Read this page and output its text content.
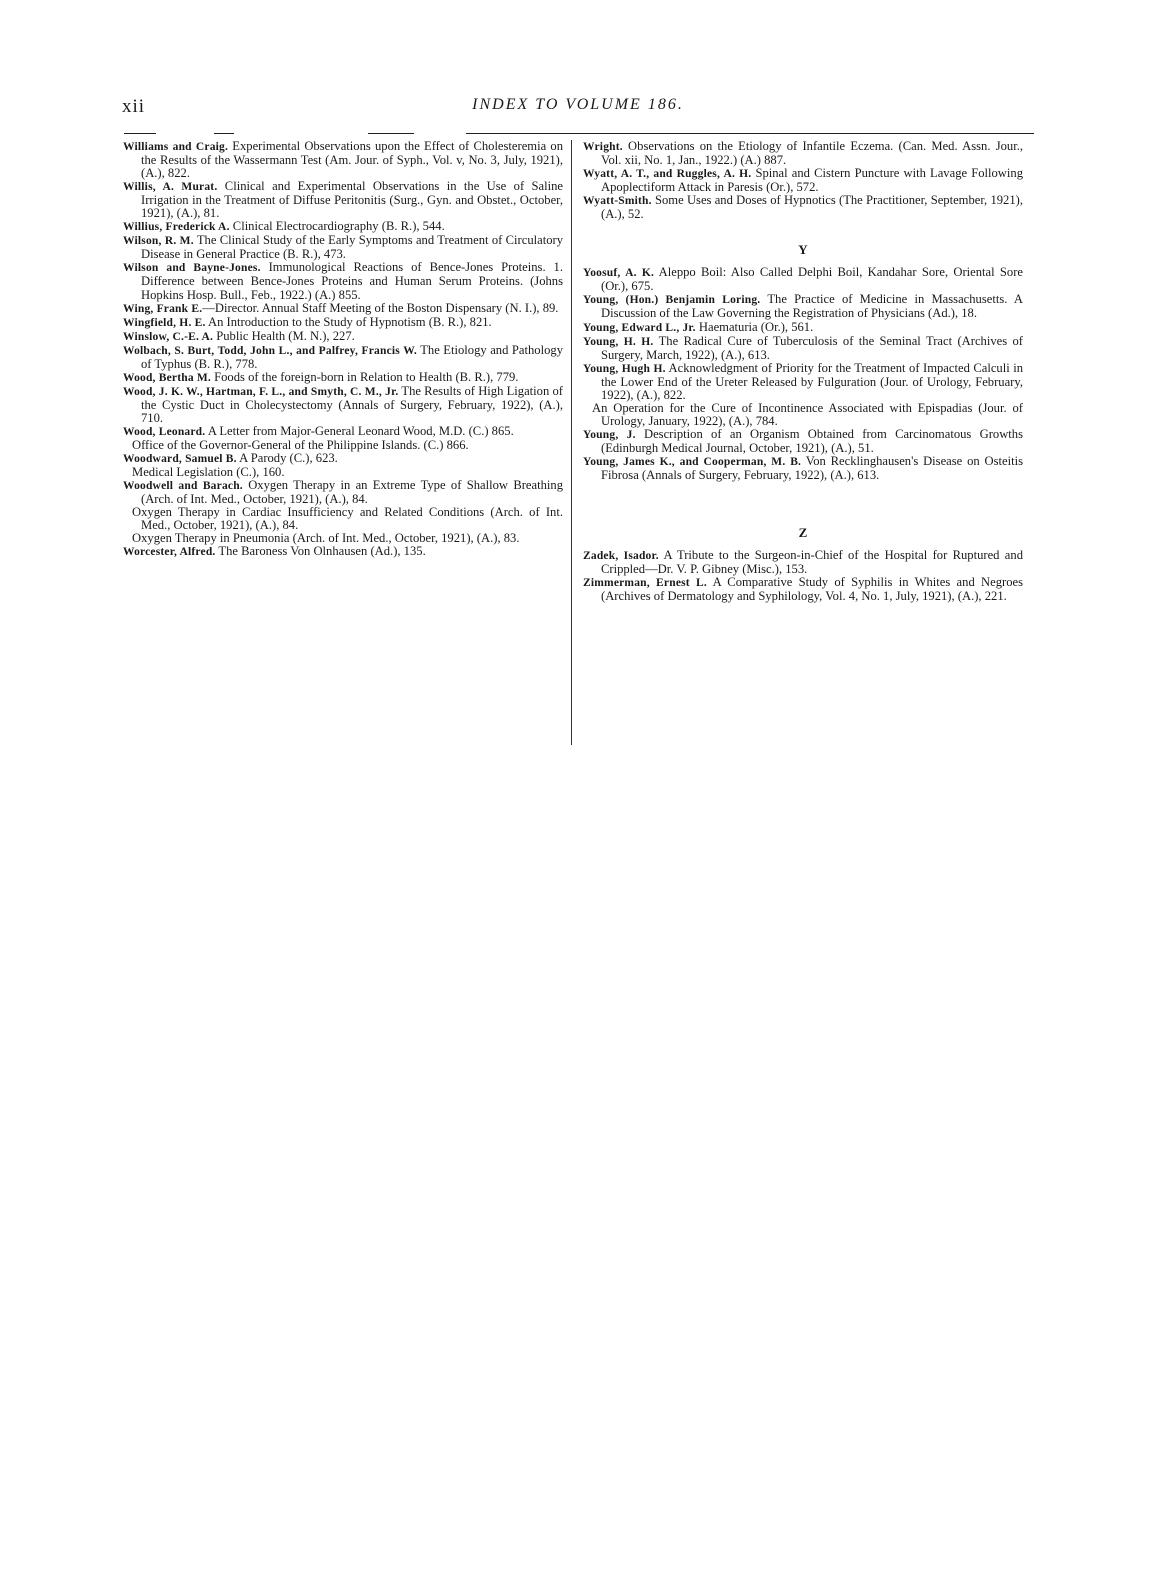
xii	INDEX TO VOLUME 186.
Williams and Craig. Experimental Observations upon the Effect of Cholesteremia on the Results of the Wassermann Test (Am. Jour. of Syph., Vol. v, No. 3, July, 1921), (A.), 822.
Willis, A. Murat. Clinical and Experimental Observations in the Use of Saline Irrigation in the Treatment of Diffuse Peritonitis (Surg., Gyn. and Obstet., October, 1921), (A.), 81.
Willius, Frederick A. Clinical Electrocardiography (B. R.), 544.
Wilson, R. M. The Clinical Study of the Early Symptoms and Treatment of Circulatory Disease in General Practice (B. R.), 473.
Wilson and Bayne-Jones. Immunological Reactions of Bence-Jones Proteins. 1. Difference between Bence-Jones Proteins and Human Serum Proteins. (Johns Hopkins Hosp. Bull., Feb., 1922.) (A.) 855.
Wing, Frank E.—Director. Annual Staff Meeting of the Boston Dispensary (N. I.), 89.
Wingfield, H. E. An Introduction to the Study of Hypnotism (B. R.), 821.
Winslow, C.-E. A. Public Health (M. N.), 227.
Wolbach, S. Burt, Todd, John L., and Palfrey, Francis W. The Etiology and Pathology of Typhus (B. R.), 778.
Wood, Bertha M. Foods of the foreign-born in Relation to Health (B. R.), 779.
Wood, J. K. W., Hartman, F. L., and Smyth, C. M., Jr. The Results of High Ligation of the Cystic Duct in Cholecystectomy (Annals of Surgery, February, 1922), (A.), 710.
Wood, Leonard. A Letter from Major-General Leonard Wood, M.D. (C.) 865.
Office of the Governor-General of the Philippine Islands. (C.) 866.
Woodward, Samuel B. A Parody (C.), 623.
Medical Legislation (C.), 160.
Woodwell and Barach. Oxygen Therapy in an Extreme Type of Shallow Breathing (Arch. of Int. Med., October, 1921), (A.), 84.
Oxygen Therapy in Cardiac Insufficiency and Related Conditions (Arch. of Int. Med., October, 1921), (A.), 84.
Oxygen Therapy in Pneumonia (Arch. of Int. Med., October, 1921), (A.), 83.
Worcester, Alfred. The Baroness Von Olnhausen (Ad.), 135.
Wright. Observations on the Etiology of Infantile Eczema. (Can. Med. Assn. Jour., Vol. xii, No. 1, Jan., 1922.) (A.) 887.
Wyatt, A. T., and Ruggles, A. H. Spinal and Cistern Puncture with Lavage Following Apoplectiform Attack in Paresis (Or.), 572.
Wyatt-Smith. Some Uses and Doses of Hypnotics (The Practitioner, September, 1921), (A.), 52.
Y
Yoosuf, A. K. Aleppo Boil: Also Called Delphi Boil, Kandahar Sore, Oriental Sore (Or.), 675.
Young, (Hon.) Benjamin Loring. The Practice of Medicine in Massachusetts. A Discussion of the Law Governing the Registration of Physicians (Ad.), 18.
Young, Edward L., Jr. Haematuria (Or.), 561.
Young, H. H. The Radical Cure of Tuberculosis of the Seminal Tract (Archives of Surgery, March, 1922), (A.), 613.
Young, Hugh H. Acknowledgment of Priority for the Treatment of Impacted Calculi in the Lower End of the Ureter Released by Fulguration (Jour. of Urology, February, 1922), (A.), 822.
An Operation for the Cure of Incontinence Associated with Epispadias (Jour. of Urology, January, 1922), (A.), 784.
Young, J. Description of an Organism Obtained from Carcinomatous Growths (Edinburgh Medical Journal, October, 1921), (A.), 51.
Young, James K., and Cooperman, M. B. Von Recklinghausen's Disease on Osteitis Fibrosa (Annals of Surgery, February, 1922), (A.), 613.
Z
Zadek, Isador. A Tribute to the Surgeon-in-Chief of the Hospital for Ruptured and Crippled—Dr. V. P. Gibney (Misc.), 153.
Zimmerman, Ernest L. A Comparative Study of Syphilis in Whites and Negroes (Archives of Dermatology and Syphilology, Vol. 4, No. 1, July, 1921), (A.), 221.
